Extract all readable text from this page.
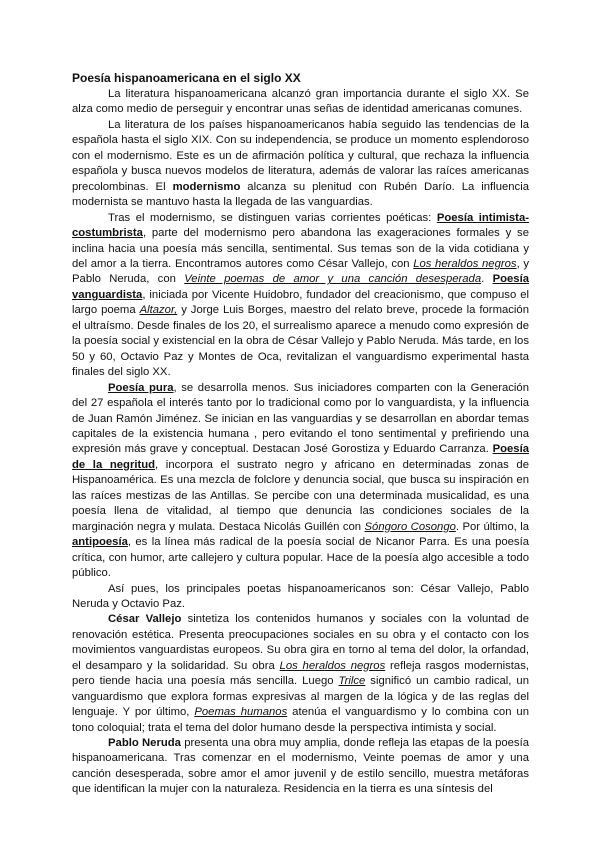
Poesía hispanoamericana en el siglo XX

La literatura hispanoamericana alcanzó gran importancia durante el siglo XX. Se alza como medio de perseguir y encontrar unas señas de identidad americanas comunes.

La literatura de los países hispanoamericanos había seguido las tendencias de la española hasta el siglo XIX. Con su independencia, se produce un momento esplendoroso con el modernismo. Este es un de afirmación política y cultural, que rechaza la influencia española y busca nuevos modelos de literatura, además de valorar las raíces americanas precolombinas. El modernismo alcanza su plenitud con Rubén Darío. La influencia modernista se mantuvo hasta la llegada de las vanguardias.

Tras el modernismo, se distinguen varias corrientes poéticas: Poesía intimista-costumbrista, parte del modernismo pero abandona las exageraciones formales y se inclina hacia una poesía más sencilla, sentimental. Sus temas son de la vida cotidiana y del amor a la tierra. Encontramos autores como César Vallejo, con Los heraldos negros, y Pablo Neruda, con Veinte poemas de amor y una canción desesperada. Poesía vanguardista, iniciada por Vicente Huidobro, fundador del creacionismo, que compuso el largo poema Altazor, y Jorge Luis Borges, maestro del relato breve, procede la formación el ultraísmo. Desde finales de los 20, el surrealismo aparece a menudo como expresión de la poesía social y existencial en la obra de César Vallejo y Pablo Neruda. Más tarde, en los 50 y 60, Octavio Paz y Montes de Oca, revitalizan el vanguardismo experimental hasta finales del siglo XX.

Poesía pura, se desarrolla menos. Sus iniciadores comparten con la Generación del 27 española el interés tanto por lo tradicional como por lo vanguardista, y la influencia de Juan Ramón Jiménez. Se inician en las vanguardias y se desarrollan en abordar temas capitales de la existencia humana , pero evitando el tono sentimental y prefiriendo una expresión más grave y conceptual. Destacan José Gorostiza y Eduardo Carranza. Poesía de la negritud, incorpora el sustrato negro y africano en determinadas zonas de Hispanoamérica. Es una mezcla de folclore y denuncia social, que busca su inspiración en las raíces mestizas de las Antillas. Se percibe con una determinada musicalidad, es una poesía llena de vitalidad, al tiempo que denuncia las condiciones sociales de la marginación negra y mulata. Destaca Nicolás Guillén con Sóngoro Cosongo. Por último, la antipoesía, es la línea más radical de la poesía social de Nicanor Parra. Es una poesía crítica, con humor, arte callejero y cultura popular. Hace de la poesía algo accesible a todo público.

Así pues, los principales poetas hispanoamericanos son: César Vallejo, Pablo Neruda y Octavio Paz.

César Vallejo sintetiza los contenidos humanos y sociales con la voluntad de renovación estética. Presenta preocupaciones sociales en su obra y el contacto con los movimientos vanguardistas europeos. Su obra gira en torno al tema del dolor, la orfandad, el desamparo y la solidaridad. Su obra Los heraldos negros refleja rasgos modernistas, pero tiende hacia una poesía más sencilla. Luego Trilce significó un cambio radical, un vanguardismo que explora formas expresivas al margen de la lógica y de las reglas del lenguaje. Y por último, Poemas humanos atenúa el vanguardismo y lo combina con un tono coloquial; trata el tema del dolor humano desde la perspectiva intimista y social.

Pablo Neruda presenta una obra muy amplia, donde refleja las etapas de la poesía hispanoamericana. Tras comenzar en el modernismo, Veinte poemas de amor y una canción desesperada, sobre amor el amor juvenil y de estilo sencillo, muestra metáforas que identifican la mujer con la naturaleza. Residencia en la tierra es una síntesis del
